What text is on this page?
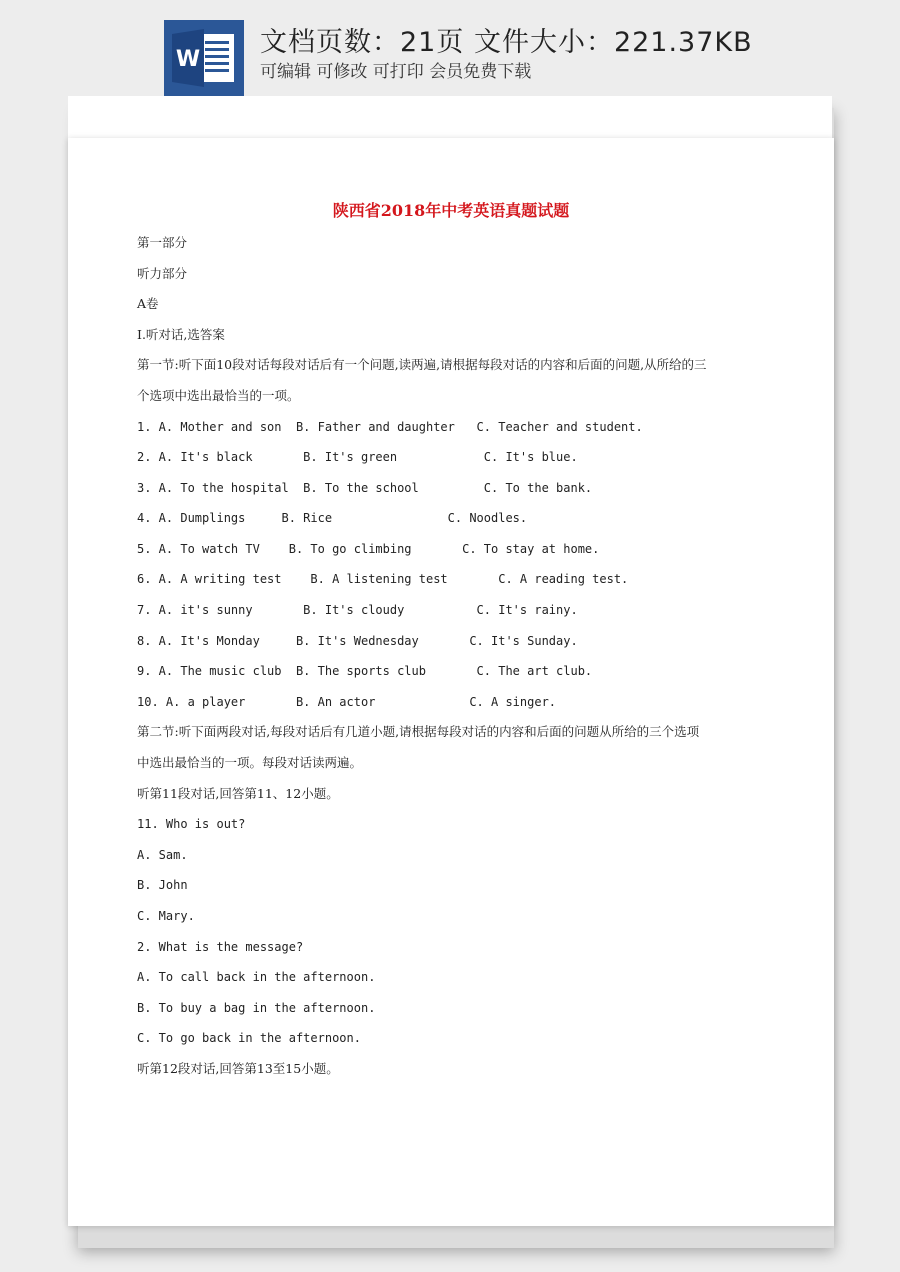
W
文档页数：21页 文件大小：221.37KB
可编辑 可修改 可打印 会员免费下载
陕西省2018年中考英语真题试题
第一部分
听力部分
A卷
I.听对话,选答案
第一节:听下面10段对话每段对话后有一个问题,读两遍,请根据每段对话的内容和后面的问题,从所给的三
个选项中选出最恰当的一项。
1. A. Mother and son  B. Father and daughter   C. Teacher and student.
2. A. It's black       B. It's green            C. It's blue.
3. A. To the hospital  B. To the school         C. To the bank.
4. A. Dumplings     B. Rice                C. Noodles.
5. A. To watch TV    B. To go climbing       C. To stay at home.
6. A. A writing test    B. A listening test       C. A reading test.
7. A. it's sunny       B. It's cloudy          C. It's rainy.
8. A. It's Monday     B. It's Wednesday       C. It's Sunday.
9. A. The music club  B. The sports club       C. The art club.
10. A. a player       B. An actor             C. A singer.
第二节:听下面两段对话,每段对话后有几道小题,请根据每段对话的内容和后面的问题从所给的三个选项
中选出最恰当的一项。每段对话读两遍。
听第11段对话,回答第11、12小题。
11. Who is out?
A. Sam.
B. John
C. Mary.
2. What is the message?
A. To call back in the afternoon.
B. To buy a bag in the afternoon.
C. To go back in the afternoon.
听第12段对话,回答第13至15小题。
